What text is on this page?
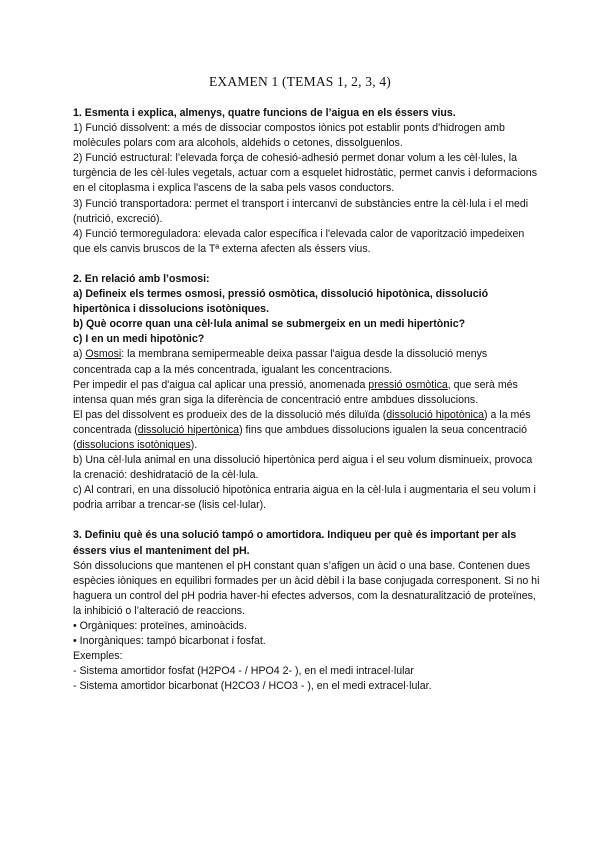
EXAMEN 1 (TEMAS 1, 2, 3, 4)

1. Esmenta i explica, almenys, quatre funcions de l’aigua en els éssers vius.

1) Funció dissolvent: a més de dissociar compostos iònics pot establir ponts d'hidrogen amb molècules polars com ara alcohols, aldehids o cetones, dissolguenlos.

2) Funció estructural: l’elevada força de cohesió-adhesió permet donar volum a les cèl·lules, la turgència de les cèl·lules vegetals, actuar com a esquelet hidrostàtic, permet canvis i deformacions en el citoplasma i explica l'ascens de la saba pels vasos conductors.

3) Funció transportadora: permet el transport i intercanvi de substàncies entre la cèl·lula i el medi (nutrició, excreció).

4) Funció termoreguladora: elevada calor específica i l'elevada calor de vaporització impedeixen que els canvis bruscos de la Tª externa afecten als éssers vius.

2. En relació amb l’osmosi:

a) Defineix els termes osmosi, pressió osmòtica, dissolució hipotònica, dissolució hipertònica i dissolucions isotòniques.

b) Què ocorre quan una cèl·lula animal se submergeix en un medi hipertònic?

c) I en un medi hipotònic?

a) Osmosi: la membrana semipermeable deixa passar l'aigua desde la dissolució menys concentrada cap a la més concentrada, igualant les concentracions.

Per impedir el pas d'aigua cal aplicar una pressió, anomenada pressió osmòtica, que serà més intensa quan més gran siga la diferència de concentració entre ambdues dissolucions.

El pas del dissolvent es produeix des de la dissolució més diluïda (dissolució hipotònica) a la més concentrada (dissolució hipertònica) fins que ambdues dissolucions igualen la seua concentració (dissolucions isotòniques).

b) Una cèl·lula animal en una dissolució hipertònica perd aigua i el seu volum disminueix, provoca la crenació: deshidratació de la cèl·lula.

c) Al contrari, en una dissolució hipotònica entraria aigua en la cèl·lula i augmentaria el seu volum i podria arribar a trencar-se (lisis cel·lular).

3. Definiu què és una solució tampó o amortidora. Indiqueu per què és important per als éssers vius el manteniment del pH.

Són dissolucions que mantenen el pH constant quan s’afigen un àcid o una base. Contenen dues espècies iòniques en equilibri formades per un àcid dèbil i la base conjugada corresponent. Si no hi haguera un control del pH podria haver-hi efectes adversos, com la desnaturalització de proteïnes, la inhibició o l’alteració de reaccions.

• Orgàniques: proteïnes, aminoàcids.

• Inorgàniques: tampó bicarbonat i fosfat.

Exemples:

- Sistema amortidor fosfat (H2PO4 - / HPO4 2- ), en el medi intracel·lular

- Sistema amortidor bicarbonat (H2CO3 / HCO3 - ), en el medi extracel·lular.
